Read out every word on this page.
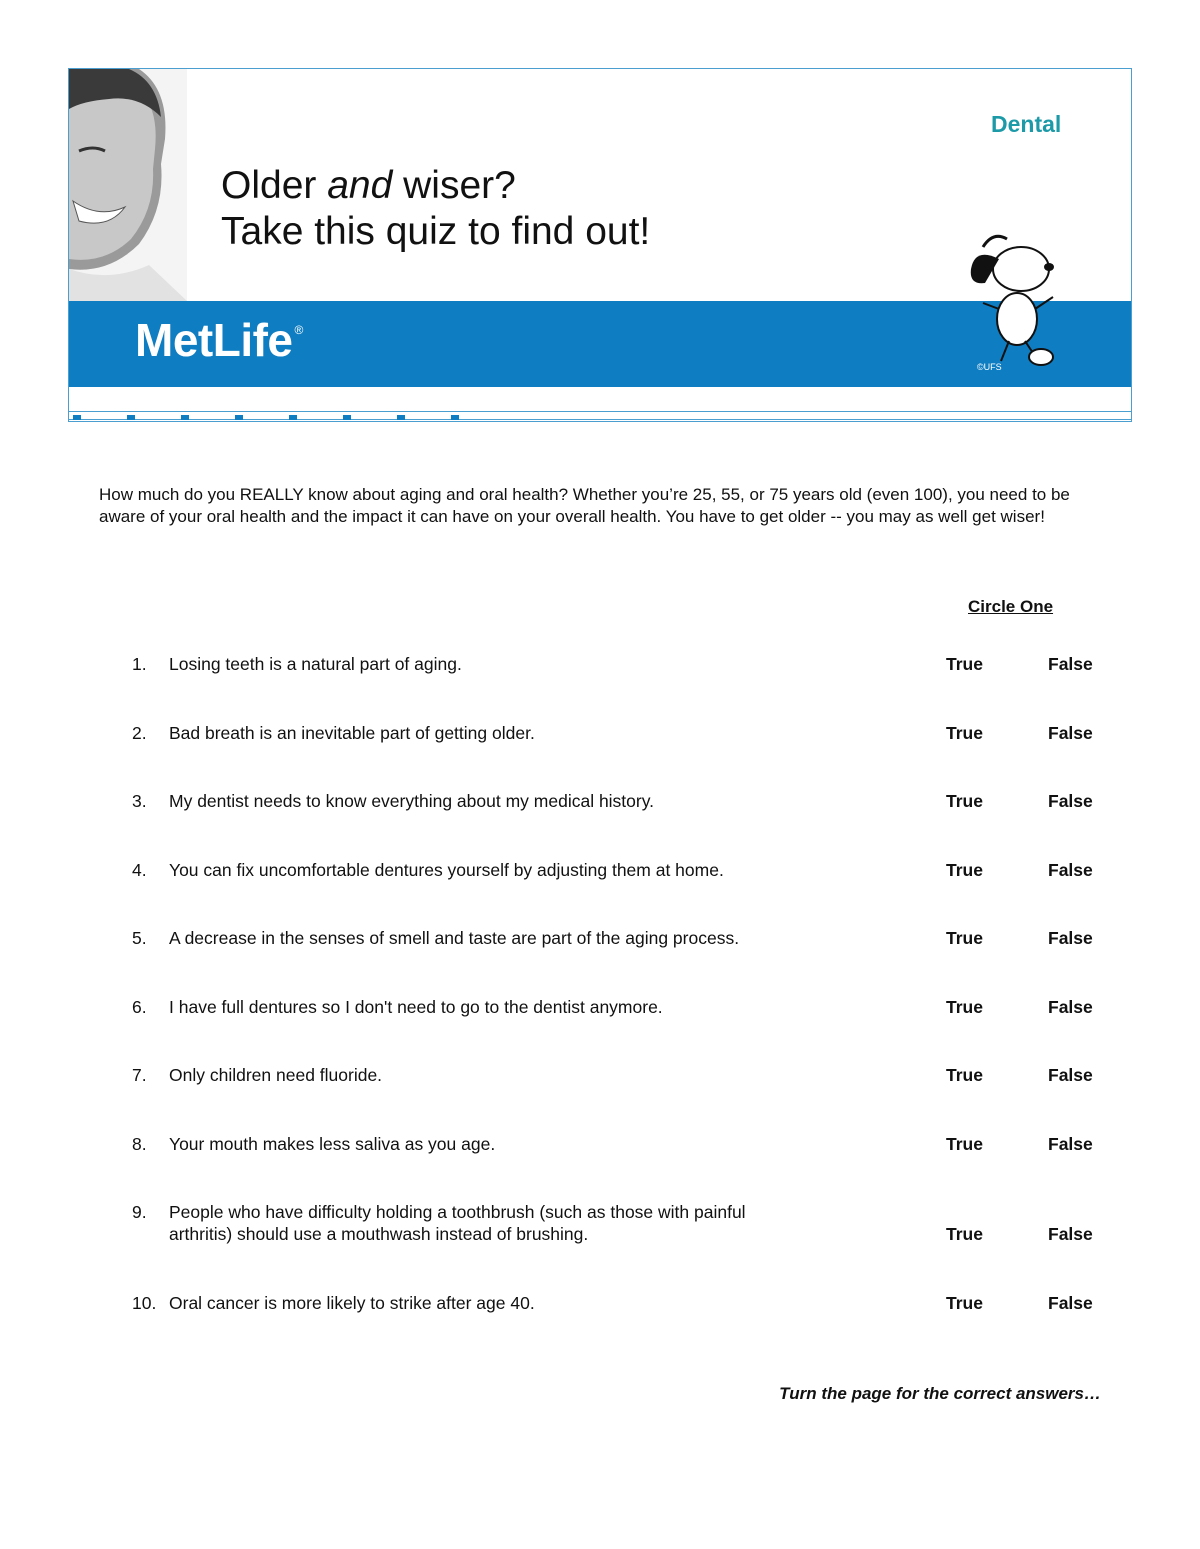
Dental
Older and wiser?
Take this quiz to find out!
MetLife ®
©UFS
How much do you REALLY know about aging and oral health? Whether you’re 25, 55, or 75 years old (even 100), you need to be aware of your oral health and the impact it can have on your overall health. You have to get older -- you may as well get wiser!
Circle One
1.	Losing teeth is a natural part of aging.	True	False
2.	Bad breath is an inevitable part of getting older.	True	False
3.	My dentist needs to know everything about my medical history.	True	False
4.	You can fix uncomfortable dentures yourself by adjusting them at home.	True	False
5.	A decrease in the senses of smell and taste are part of the aging process.	True	False
6.	I have full dentures so I don't need to go to the dentist anymore.	True	False
7.	Only children need fluoride.	True	False
8.	Your mouth makes less saliva as you age.	True	False
9.	People who have difficulty holding a toothbrush (such as those with painful arthritis) should use a mouthwash instead of brushing.	True	False
10. Oral cancer is more likely to strike after age 40.	True	False
Turn the page for the correct answers…
